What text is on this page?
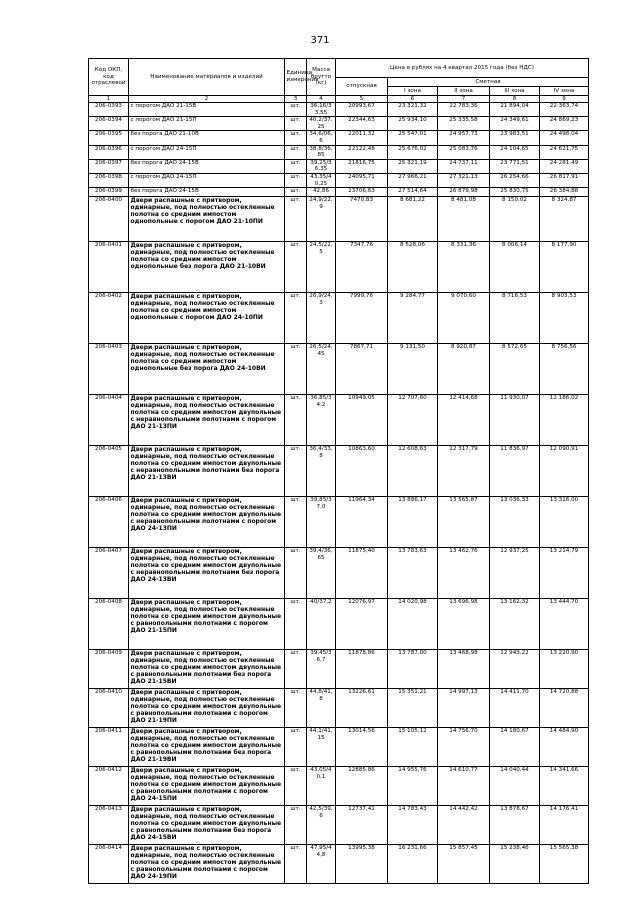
371
Код ОКП, код отраслевой	Наименование материалов и изделий	Единица измерения	Масса брутто (кг)	Цена в рублях на 4 квартал 2015 года (без НДС)				
				отпускная	Сметная			
					I зона	II зона	III зона	IV зона
1	2	3	4	5	6	7	8	9
206-0393	с порогом ДАО 21-15В	шт.	36,16/33,55	20993,67	23 321,32	22 783,36	21 894,04	22 363,74
206-0394	с порогом ДАО 21-15П	шт.	40,2/37,25	22344,63	25 934,10	25 335,58	24 349,61	24 869,23
206-0395	без порога ДАО 21-10В	шт.	34,6/06,6	22011,32	25 547,01	24 957,73	23 983,51	24 498,04
206-0396	с порогом ДАО 24-15П	шт.	38,8/36,85	22122,48	25 676,02	25 083,76	24 104,65	24 621,75
206-0397	без порога ДАО 24-15В	шт.	39,25/36,35	21816,75	25 321,19	24 737,11	23 771,51	24 281,49
206-0398	с порогом ДАО 24-15П	шт.	43,35/40,25	24095,71	27 966,21	27 321,13	26 254,66	26 817,91
206-0399	без порога ДАО 24-15В	шт.	42,86	23706,63	27 514,64	26 879,98	25 830,75	26 384,88
206-0400	Двери распашные с притвором, одинарные, под полностью остекленные полотна со средним импостом однопольные с порогом ДАО 21-10ПИ	шт.	24,9/22,9	7470,83	8 681,22	8 481,08	8 150,02	8 324,87
206-0401	Двери распашные с притвором, одинарные, под полностью остекленные полотна со средним импостом однопольные без порога ДАО 21-10ВИ	шт.	24,5/22,5	7347,76	8 528,06	8 331,36	8 006,14	8 177,90
206-0402	Двери распашные с притвором, одинарные, под полностью остекленные полотна со средним импостом однопольные с порогом ДАО 24-10ПИ	шт.	26,9/24,3	7999,76	9 284,77	9 070,60	8 716,53	8 903,53
206-0403	Двери распашные с притвором, одинарные, под полностью остекленные полотна со средним импостом однопольные без порога ДАО 24-10ВИ	шт.	26,5/24,45	7867,71	9 131,50	8 920,87	8 572,65	8 756,56
206-0404	Двери распашные с притвором, одинарные, под полностью остекленные полотна со средним импостом двупольные с неравнопольными полотнами с порогом ДАО 21-13ПИ	шт.	36,85/34,2	10949,05	12 707,60	12 414,68	11 930,07	12 186,02
206-0405	Двери распашные с притвором, одинарные, под полностью остекленные полотна со средним импостом двупольные с неравнопольными полотнами без порога ДАО 21-13ВИ	шт.	36,4/33,8	10863,60	12 608,63	12 317,79	11 836,97	12 090,91
206-0406	Двери распашные с притвором, одинарные, под полностью остекленные полотна со средним импостом двупольные с неравнопольными полотнами с порогом ДАО 24-13ПИ	шт.	39,85/37,0	11964,34	13 886,17	13 565,87	13 036,33	13 316,00
206-0407	Двери распашные с притвором, одинарные, под полностью остекленные полотна со средним импостом двупольные с неравнопольными полотнами без порога ДАО 24-13ВИ	шт.	39,4/36,65	11875,40	13 783,63	13 462,76	12 937,25	13 214,79
206-0408	Двери распашные с притвором, одинарные, под полностью остекленные полотна со средним импостом двупольные с равнопольными полотнами с порогом ДАО 21-15ПИ	шт.	40/37,2	12076,97	14 020,98	13 696,98	13 162,32	13 444,70
206-0409	Двери распашные с притвором, одинарные, под полностью остекленные полотна со средним импостом двупольные с равнопольными полотнами без порога ДАО 21-15ВИ	шт.	39,45/36,7	11878,86	13 787,00	13 468,98	12 943,22	13 220,90
206-0410	Двери распашные с притвором, одинарные, под полностью остекленные полотна со средним импостом двупольные с равнопольными полотнами с порогом ДАО 21-19ПИ	шт.	44,8/41,8	13226,61	15 351,21	14 997,13	14 411,70	14 720,88
206-0411	Двери распашные с притвором, одинарные, под полностью остекленные полотна со средним импостом двупольные с равнопольными полотнами без порога ДАО 21-19ВИ	шт.	44,1/41,15	13014,56	15 105,12	14 756,70	14 180,67	14 484,90
206-0412	Двери распашные с притвором, одинарные, под полностью остекленные полотна со средним импостом двупольные с равнопольными полотнами с порогом ДАО 24-15ПИ	шт.	43,05/40,1	12885,86	14 955,76	14 610,77	14 040,44	14 341,66
206-0413	Двери распашные с притвором, одинарные, под полностью остекленные полотна со средним импостом двупольные с равнопольными полотнами без порога ДАО 24-15ВИ	шт.	42,5/39,6	12737,41	14 783,43	14 442,42	13 878,67	14 176,41
206-0414	Двери распашные с притвором, одинарные, под полностью остекленные полотна со средним импостом двупольные с равнопольными полотнами с порогом ДАО 24-19ПИ	шт.	47,95/44,8	13995,38	16 231,66	15 857,45	15 238,46	15 565,38
